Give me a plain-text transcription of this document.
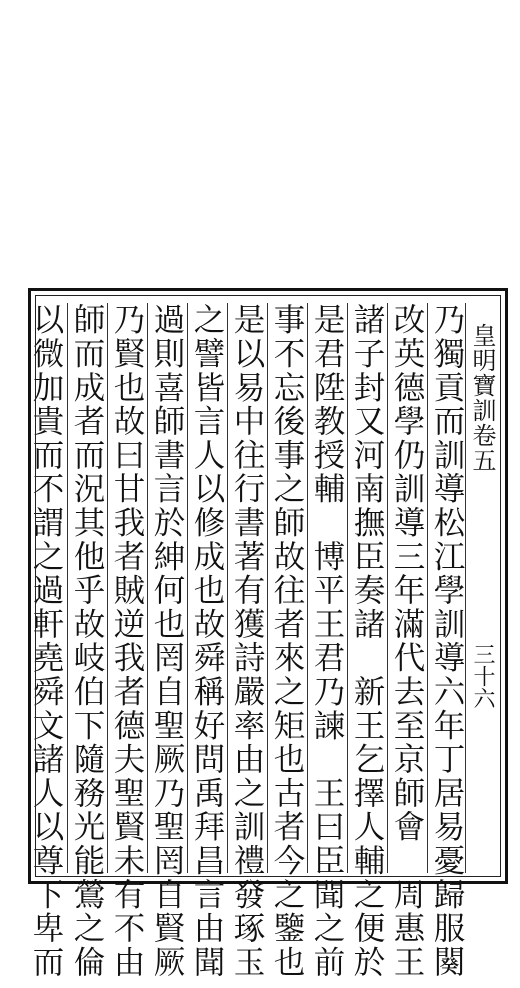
皇明寶訓卷五
三十六
乃獨貢而訓導松江學訓導六年丁居易憂歸服闋
改英德學仍訓導三年滿代去至京師會　周惠王
諸子封又河南撫臣奏諸　新王乞擇人輔之便於
是君陞教授輔　博平王君乃諫　王曰臣聞之前
事不忘後事之師故往者來之矩也古者今之鑒也
是以易中往行書著有獲詩嚴率由之訓禮發琢玉
之譬皆言人以修成也故舜稱好問禹拜昌言由聞
過則喜師書言於紳何也罔自聖厥乃聖罔自賢厥
乃賢也故曰甘我者賊逆我者德夫聖賢未有不由
師而成者而況其他乎故岐伯下隨務光能鶯之倫
以微加貴而不謂之過軒堯舜文諸人以尊下卑而
